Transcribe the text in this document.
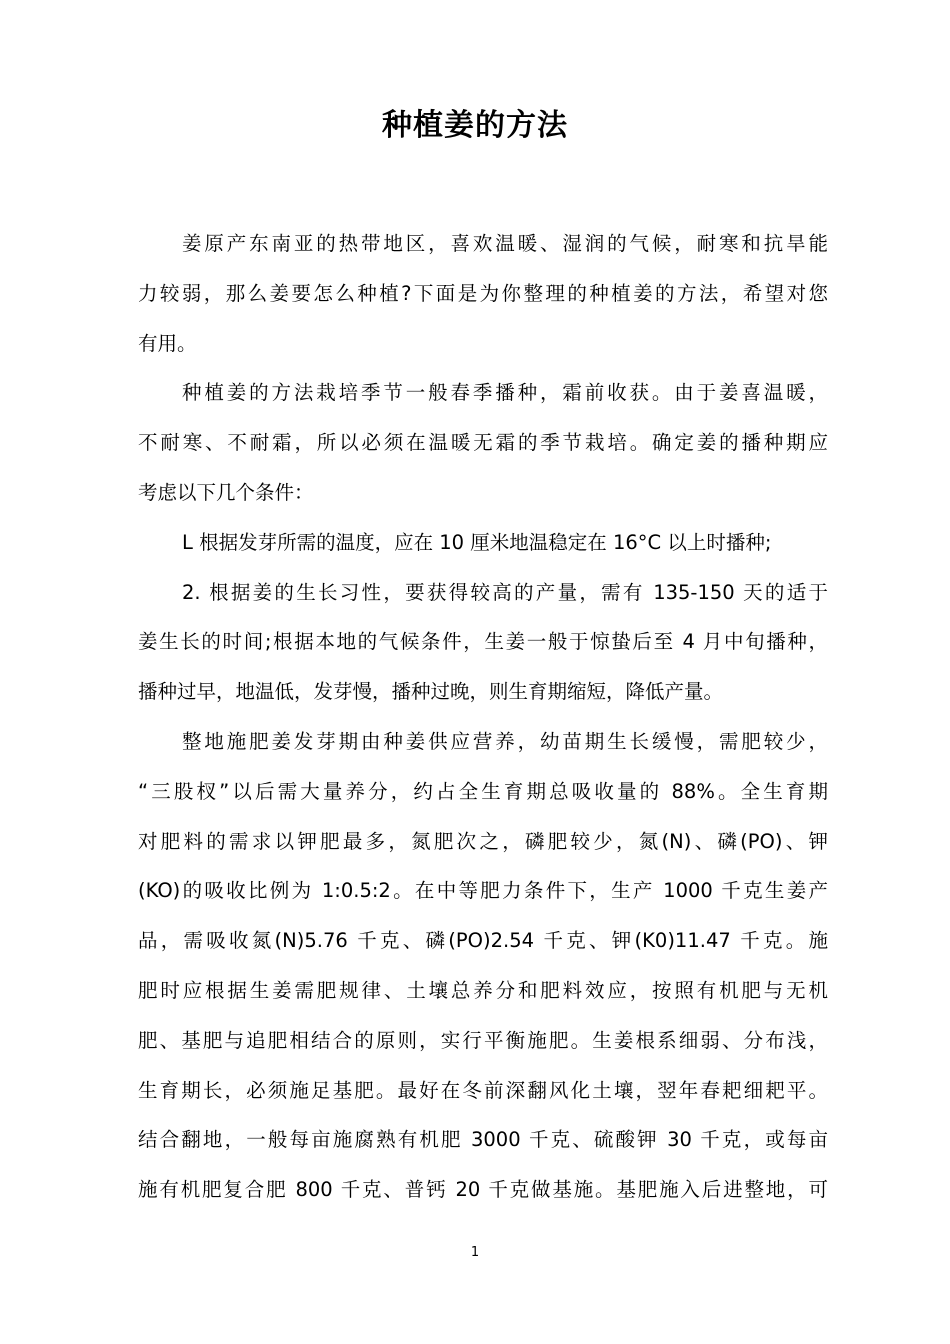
种植姜的方法
姜原产东南亚的热带地区，喜欢温暖、湿润的气候，耐寒和抗旱能
力较弱，那么姜要怎么种植?下面是为你整理的种植姜的方法，希望对您
有用。
种植姜的方法栽培季节一般春季播种，霜前收获。由于姜喜温暖，
不耐寒、不耐霜，所以必须在温暖无霜的季节栽培。确定姜的播种期应
考虑以下几个条件：
L 根据发芽所需的温度，应在 10 厘米地温稳定在 16°C 以上时播种;
2. 根据姜的生长习性，要获得较高的产量，需有 135-150 天的适于
姜生长的时间;根据本地的气候条件，生姜一般于惊蛰后至 4 月中旬播种，
播种过早，地温低，发芽慢，播种过晚，则生育期缩短，降低产量。
整地施肥姜发芽期由种姜供应营养，幼苗期生长缓慢，需肥较少，
“三股杈”以后需大量养分，约占全生育期总吸收量的 88%。全生育期
对肥料的需求以钾肥最多，氮肥次之，磷肥较少，氮(N)、磷(PO)、钾
(KO)的吸收比例为 1:0.5:2。在中等肥力条件下，生产 1000 千克生姜产
品，需吸收氮(N)5.76 千克、磷(PO)2.54 千克、钾(K0)11.47 千克。施
肥时应根据生姜需肥规律、土壤总养分和肥料效应，按照有机肥与无机
肥、基肥与追肥相结合的原则，实行平衡施肥。生姜根系细弱、分布浅，
生育期长，必须施足基肥。最好在冬前深翻风化土壤，翌年春耙细耙平。
结合翻地，一般每亩施腐熟有机肥 3000 千克、硫酸钾 30 千克，或每亩
施有机肥复合肥 800 千克、普钙 20 千克做基施。基肥施入后进整地，可
1
